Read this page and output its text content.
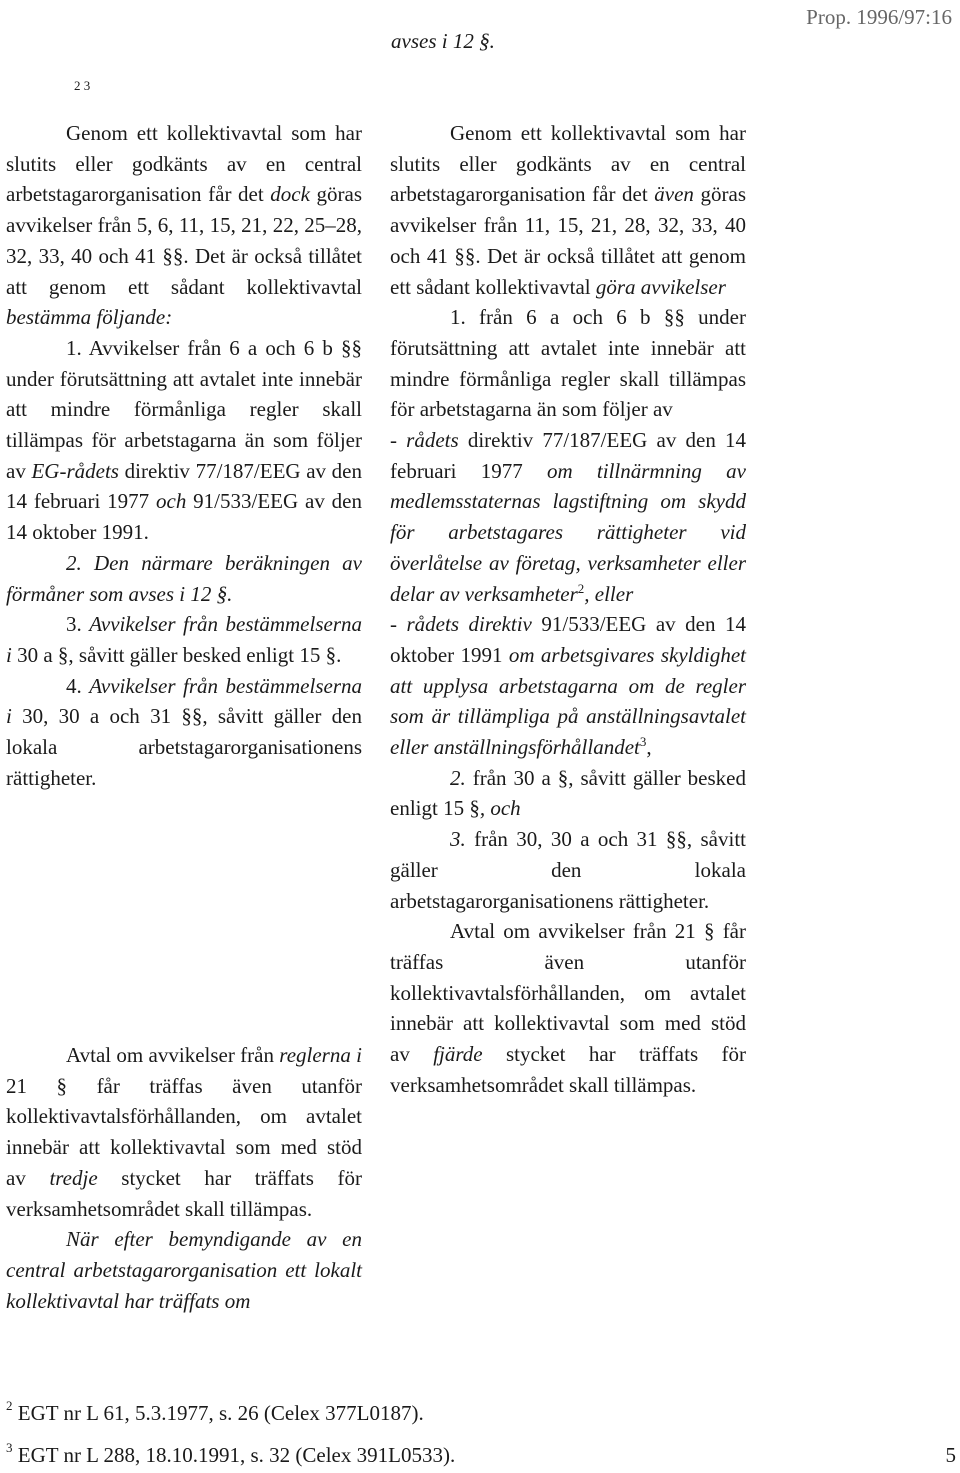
Prop. 1996/97:16
avses i 12 §.
2 3

Genom ett kollektivavtal som har slutits eller godkänts av en central arbetstagarorganisation får det dock göras avvikelser från 5, 6, 11, 15, 21, 22, 25–28, 32, 33, 40 och 41 §§. Det är också tillåtet att genom ett sådant kollektivavtal bestämma följande:

1. Avvikelser från 6 a och 6 b §§ under förutsättning att avtalet inte innebär att mindre förmånliga regler skall tillämpas för arbetstagarna än som följer av EG-rådets direktiv 77/187/EEG av den 14 februari 1977 och 91/533/EEG av den 14 oktober 1991.

2. Den närmare beräkningen av förmåner som avses i 12 §.

3. Avvikelser från bestämmelserna i 30 a §, såvitt gäller besked enligt 15 §.

4. Avvikelser från bestämmelserna i 30, 30 a och 31 §§, såvitt gäller den lokala arbetstagarorganisationens rättigheter.

Avtal om avvikelser från reglerna i 21 § får träffas även utanför kollektivavtalsförhållanden, om avtalet innebär att kollektivavtal som med stöd av tredje stycket har träffats för verksamhetsområdet skall tillämpas.

När efter bemyndigande av en central arbetstagarorganisation ett lokalt kollektivavtal har träffats om

Genom ett kollektivavtal som har slutits eller godkänts av en central arbetstagarorganisation får det även göras avvikelser från 11, 15, 21, 28, 32, 33, 40 och 41 §§. Det är också tillåtet att genom ett sådant kollektivavtal göra avvikelser

1. från 6 a och 6 b §§ under förutsättning att avtalet inte innebär att mindre förmånliga regler skall tillämpas för arbetstagarna än som följer av

- rådets direktiv 77/187/EEG av den 14 februari 1977 om tillnärmning av medlemsstaternas lagstiftning om skydd för arbetstagares rättigheter vid överlåtelse av företag, verksamheter eller delar av verksamheter$^2$, eller

- rådets direktiv 91/533/EEG av den 14 oktober 1991 om arbetsgivares skyldighet att upplysa arbetstagarna om de regler som är tillämpliga på anställningsavtalet eller anställningsförhållandet$^3$,

2. från 30 a §, såvitt gäller besked enligt 15 §, och

3. från 30, 30 a och 31 §§, såvitt gäller den lokala arbetstagarorganisationens rättigheter.

Avtal om avvikelser från 21 § får träffas även utanför kollektivavtalsförhållanden, om avtalet innebär att kollektivavtal som med stöd av fjärde stycket har träffats för verksamhetsområdet skall tillämpas.

$^2$ EGT nr L 61, 5.3.1977, s. 26 (Celex 377L0187).
$^3$ EGT nr L 288, 18.10.1991, s. 32 (Celex 391L0533).	5
